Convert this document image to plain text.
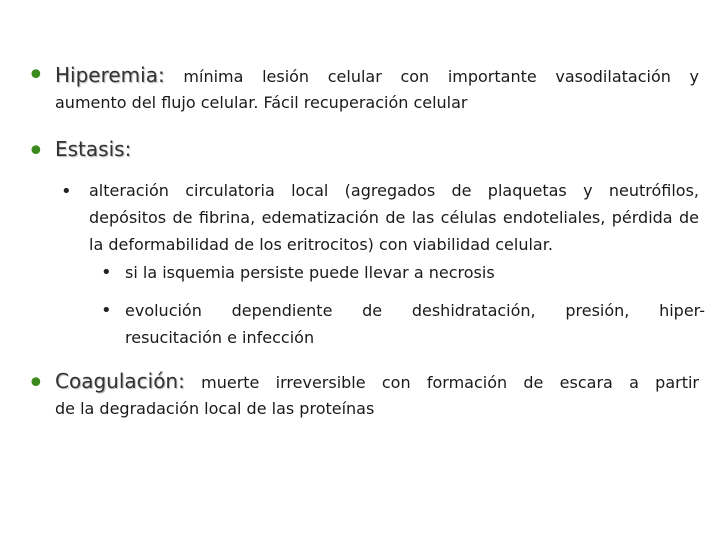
• Hiperemia: mínima lesión celular con importante vasodilatación y
aumento del flujo celular. Fácil recuperación celular
• Estasis:
• alteración circulatoria local (agregados de plaquetas y neutrófilos, depósitos de fibrina, edematización de las células endoteliales, pérdida de la deformabilidad de los eritrocitos) con viabilidad celular.
• si la isquemia persiste puede llevar a necrosis
• evolución dependiente de deshidratación, presión, hiper-
resucitación e infección
• Coagulación: muerte irreversible con formación de escara a partir
de la degradación local de las proteínas
